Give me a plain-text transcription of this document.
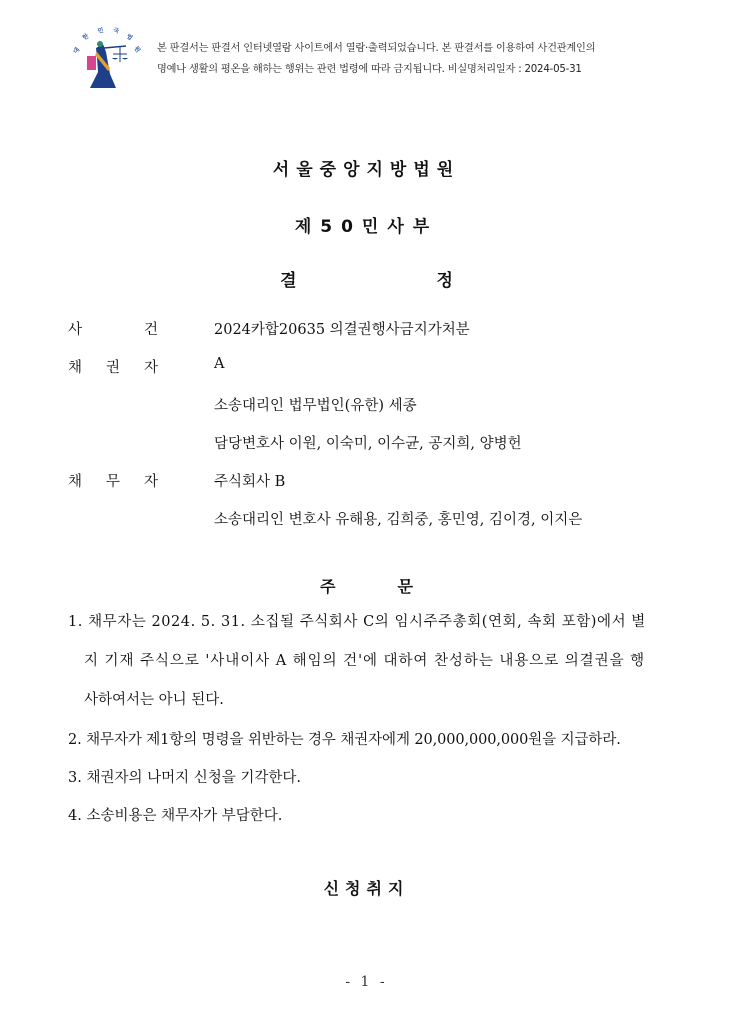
대
한
민 국
법
원 본 판결서는 판결서 인터넷열람 사이트에서 열람·출력되었습니다. 본 판결서를 이용하여 사건관계인의
명예나 생활의 평온을 해하는 행위는 관련 법령에 따라 금지됩니다. 비실명처리일자 : 2024-05-31
서울중앙지방법원
제50민사부
결	정
사	건	2024카합20635 의결권행사금지가처분
채 권 자	A
소송대리인 법무법인(유한) 세종
담당변호사 이원, 이숙미, 이수균, 공지희, 양병헌
채 무 자	주식회사 B
소송대리인 변호사 유해용, 김희중, 홍민영, 김이경, 이지은
주	문
1. 채무자는 2024. 5. 31. 소집될 주식회사 C의 임시주주총회(연회, 속회 포함)에서 별
지 기재 주식으로 '사내이사 A 해임의 건'에 대하여 찬성하는 내용으로 의결권을 행
사하여서는 아니 된다.
2. 채무자가 제1항의 명령을 위반하는 경우 채권자에게 20,000,000,000원을 지급하라.
3. 채권자의 나머지 신청을 기각한다.
4. 소송비용은 채무자가 부담한다.
신청취지
- 1 -
